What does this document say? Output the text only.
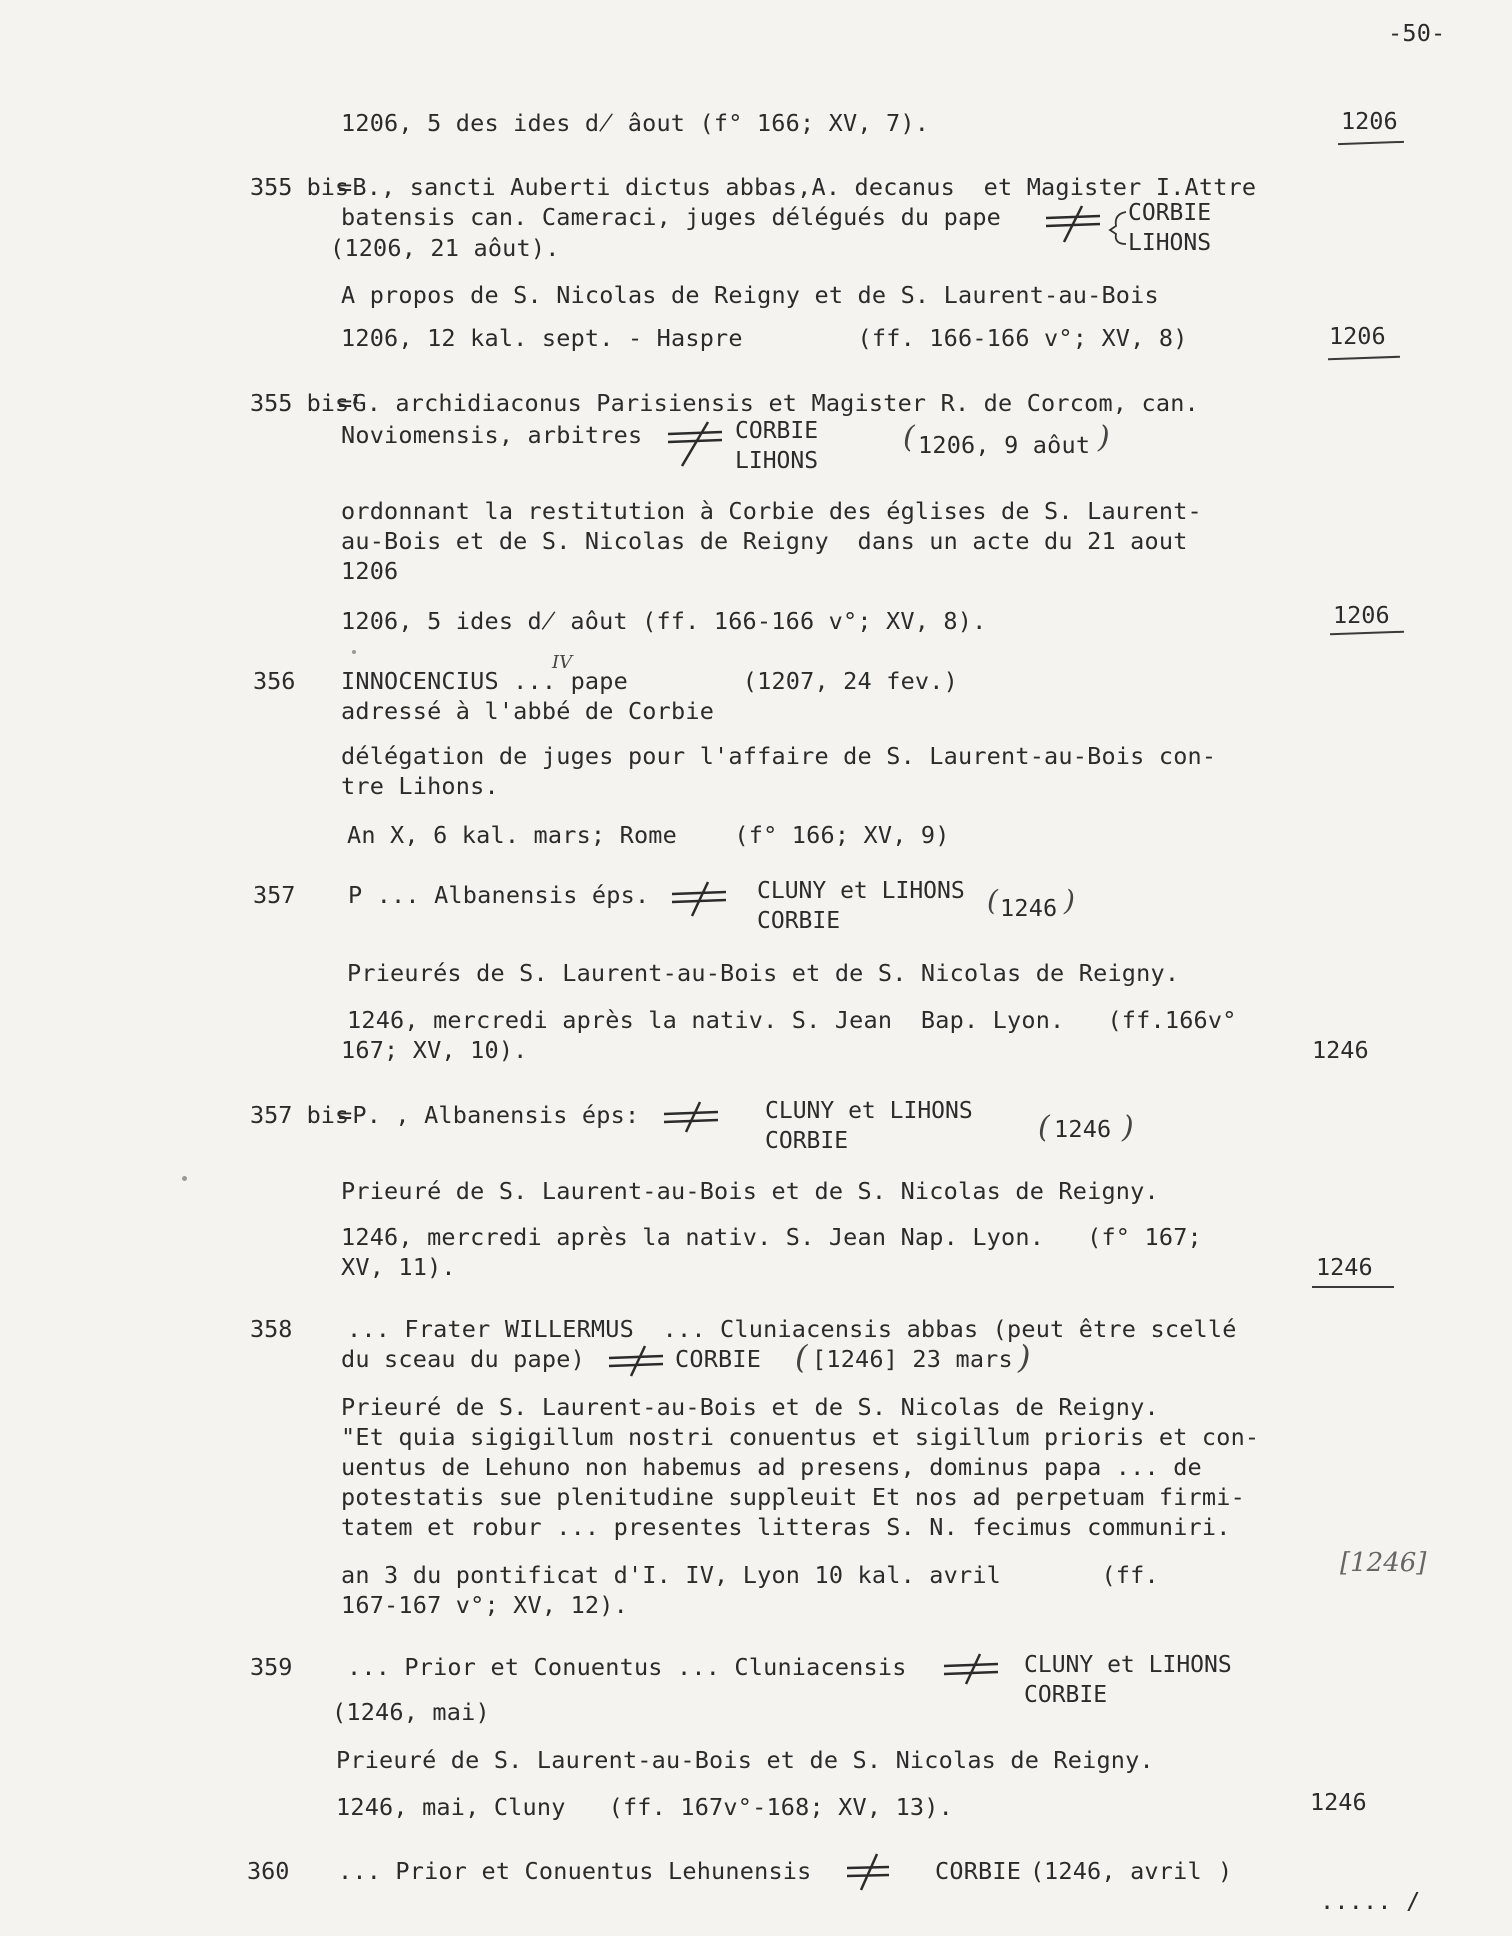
-50-
1206, 5 des ides d̸ âout (f° 166; XV, 7).	1206
355 bis
=B., sancti Auberti dictus abbas,A. decanus  et Magister I.Attre
batensis can. Cameraci, juges délégués du pape
(1206, 21 aôut).
CORBIE
LIHONS
A propos de S. Nicolas de Reigny et de S. Laurent-au-Bois
1206, 12 kal. sept. - Haspre        (ff. 166-166 v°; XV, 8)	1206
355 bis¹
=G. archidiaconus Parisiensis et Magister R. de Corcom, can.
Noviomensis, arbitres	CORBIE
LIHONS
( 1206, 9 aôut )
ordonnant la restitution à Corbie des églises de S. Laurent-
au-Bois et de S. Nicolas de Reigny  dans un acte du 21 aout
1206
1206, 5 ides d̸ aôut (ff. 166-166 v°; XV, 8).	1206
356
IV
INNOCENCIUS ... pape        (1207, 24 fev.)
adressé à l'abbé de Corbie
délégation de juges pour l'affaire de S. Laurent-au-Bois con-
tre Lihons.
An X, 6 kal. mars; Rome    (f° 166; XV, 9)
357 P ... Albanensis éps.	CLUNY et LIHONS
CORBIE
( 1246 )
Prieurés de S. Laurent-au-Bois et de S. Nicolas de Reigny.
1246, mercredi après la nativ. S. Jean  Bap. Lyon.   (ff.166v°
167; XV, 10).	1246
357 bis
=P. , Albanensis éps:	CLUNY et LIHONS
CORBIE	( 1246 )
Prieuré de S. Laurent-au-Bois et de S. Nicolas de Reigny.
1246, mercredi après la nativ. S. Jean Nap. Lyon.   (f° 167;
XV, 11).	1246
358 ... Frater WILLERMUS  ... Cluniacensis abbas (peut être scellé
du sceau du pape)	CORBIE ( [1246] 23 mars )
Prieuré de S. Laurent-au-Bois et de S. Nicolas de Reigny.
"Et quia sigigillum nostri conuentus et sigillum prioris et con-
uentus de Lehuno non habemus ad presens, dominus papa ... de
potestatis sue plenitudine suppleuit Et nos ad perpetuam firmi-
tatem et robur ... presentes litteras S. N. fecimus communiri.
an 3 du pontificat d'I. IV, Lyon 10 kal. avril       (ff.
167-167 v°; XV, 12).
[1246]
359 ... Prior et Conuentus ... Cluniacensis	CLUNY et LIHONS
CORBIE
(1246, mai)
Prieuré de S. Laurent-au-Bois et de S. Nicolas de Reigny.
1246, mai, Cluny   (ff. 167v°-168; XV, 13).	1246
360 ... Prior et Conuentus Lehunensis	CORBIE ( 1246, avril )
..... /
